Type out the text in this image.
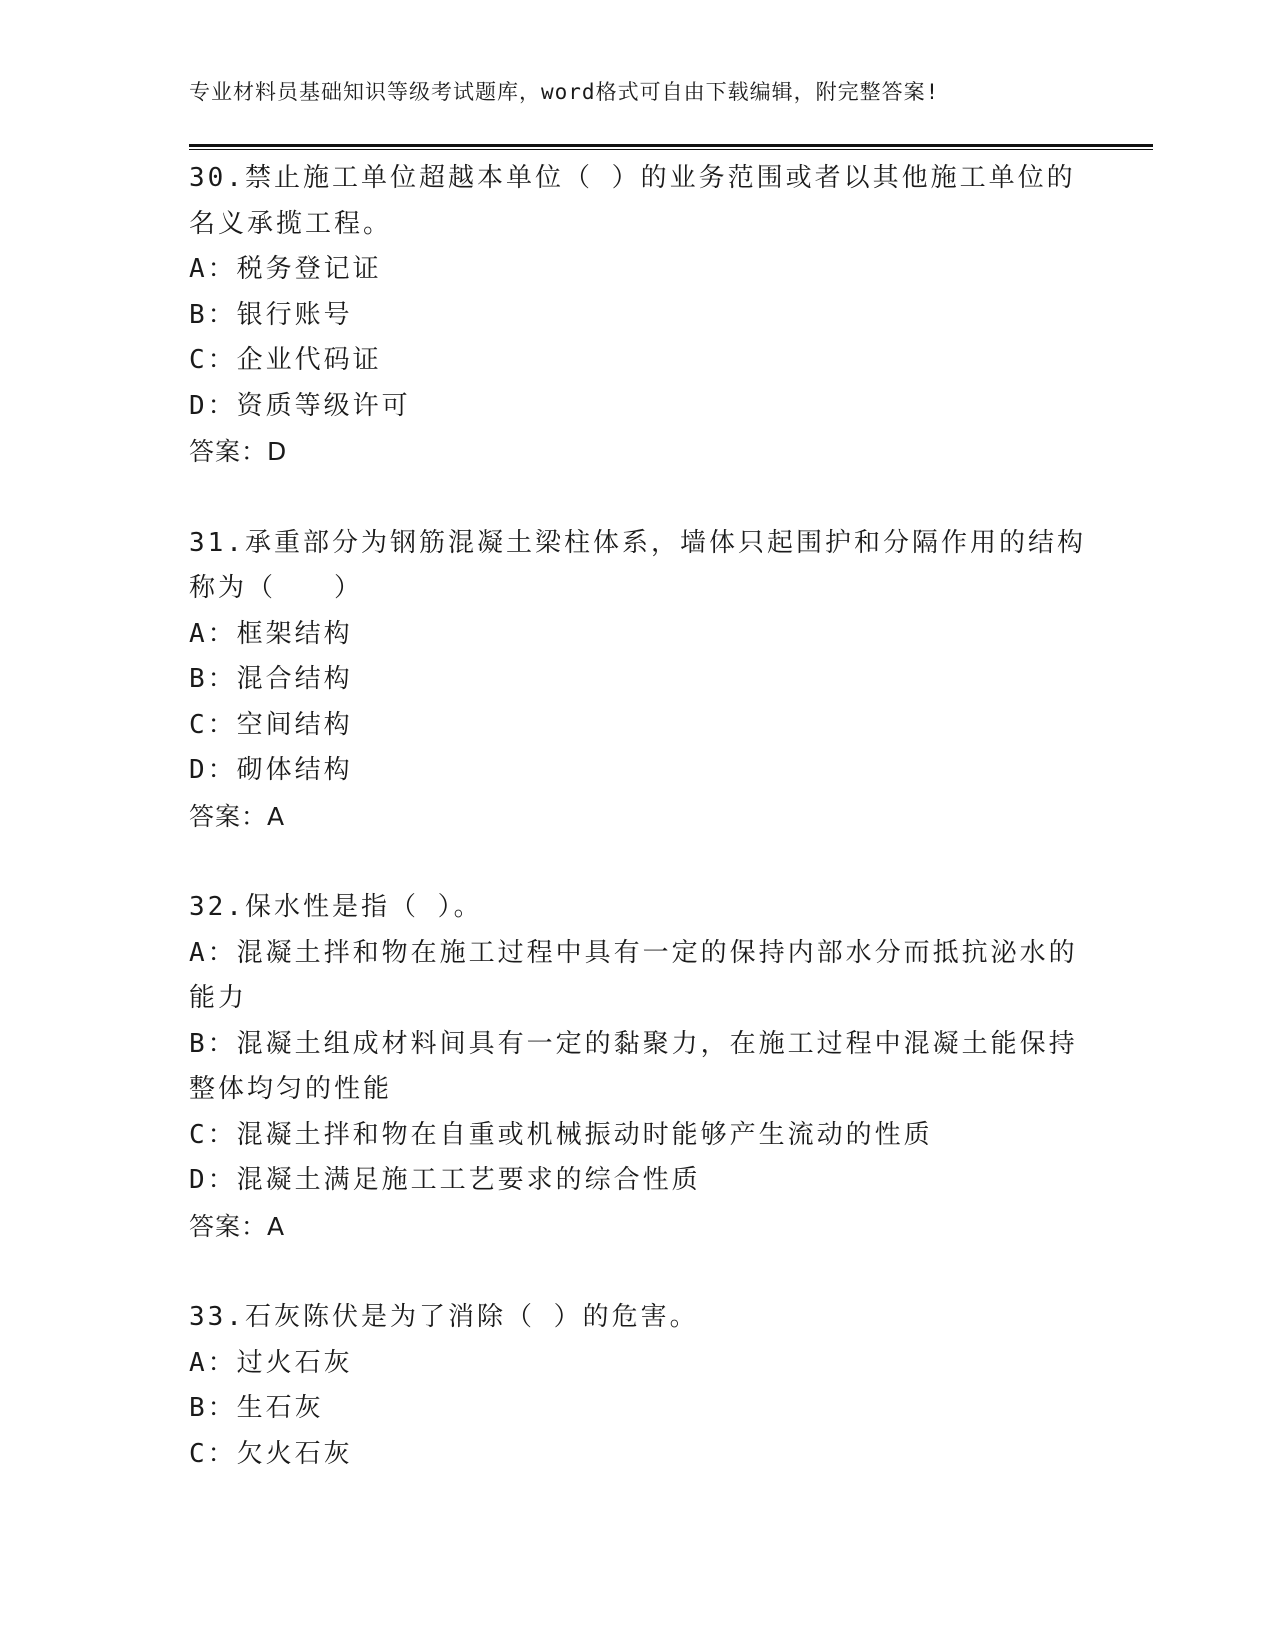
专业材料员基础知识等级考试题库，word格式可自由下载编辑，附完整答案!
30.禁止施工单位超越本单位（ ）的业务范围或者以其他施工单位的
名义承揽工程。
A：税务登记证
B：银行账号
C：企业代码证
D：资质等级许可
答案：D
31.承重部分为钢筋混凝土梁柱体系，墙体只起围护和分隔作用的结构
称为（　　）
A：框架结构
B：混合结构
C：空间结构
D：砌体结构
答案：A
32.保水性是指（ ）。
A：混凝土拌和物在施工过程中具有一定的保持内部水分而抵抗泌水的
能力
B：混凝土组成材料间具有一定的黏聚力，在施工过程中混凝土能保持
整体均匀的性能
C：混凝土拌和物在自重或机械振动时能够产生流动的性质
D：混凝土满足施工工艺要求的综合性质
答案：A
33.石灰陈伏是为了消除（ ）的危害。
A：过火石灰
B：生石灰
C：欠火石灰
